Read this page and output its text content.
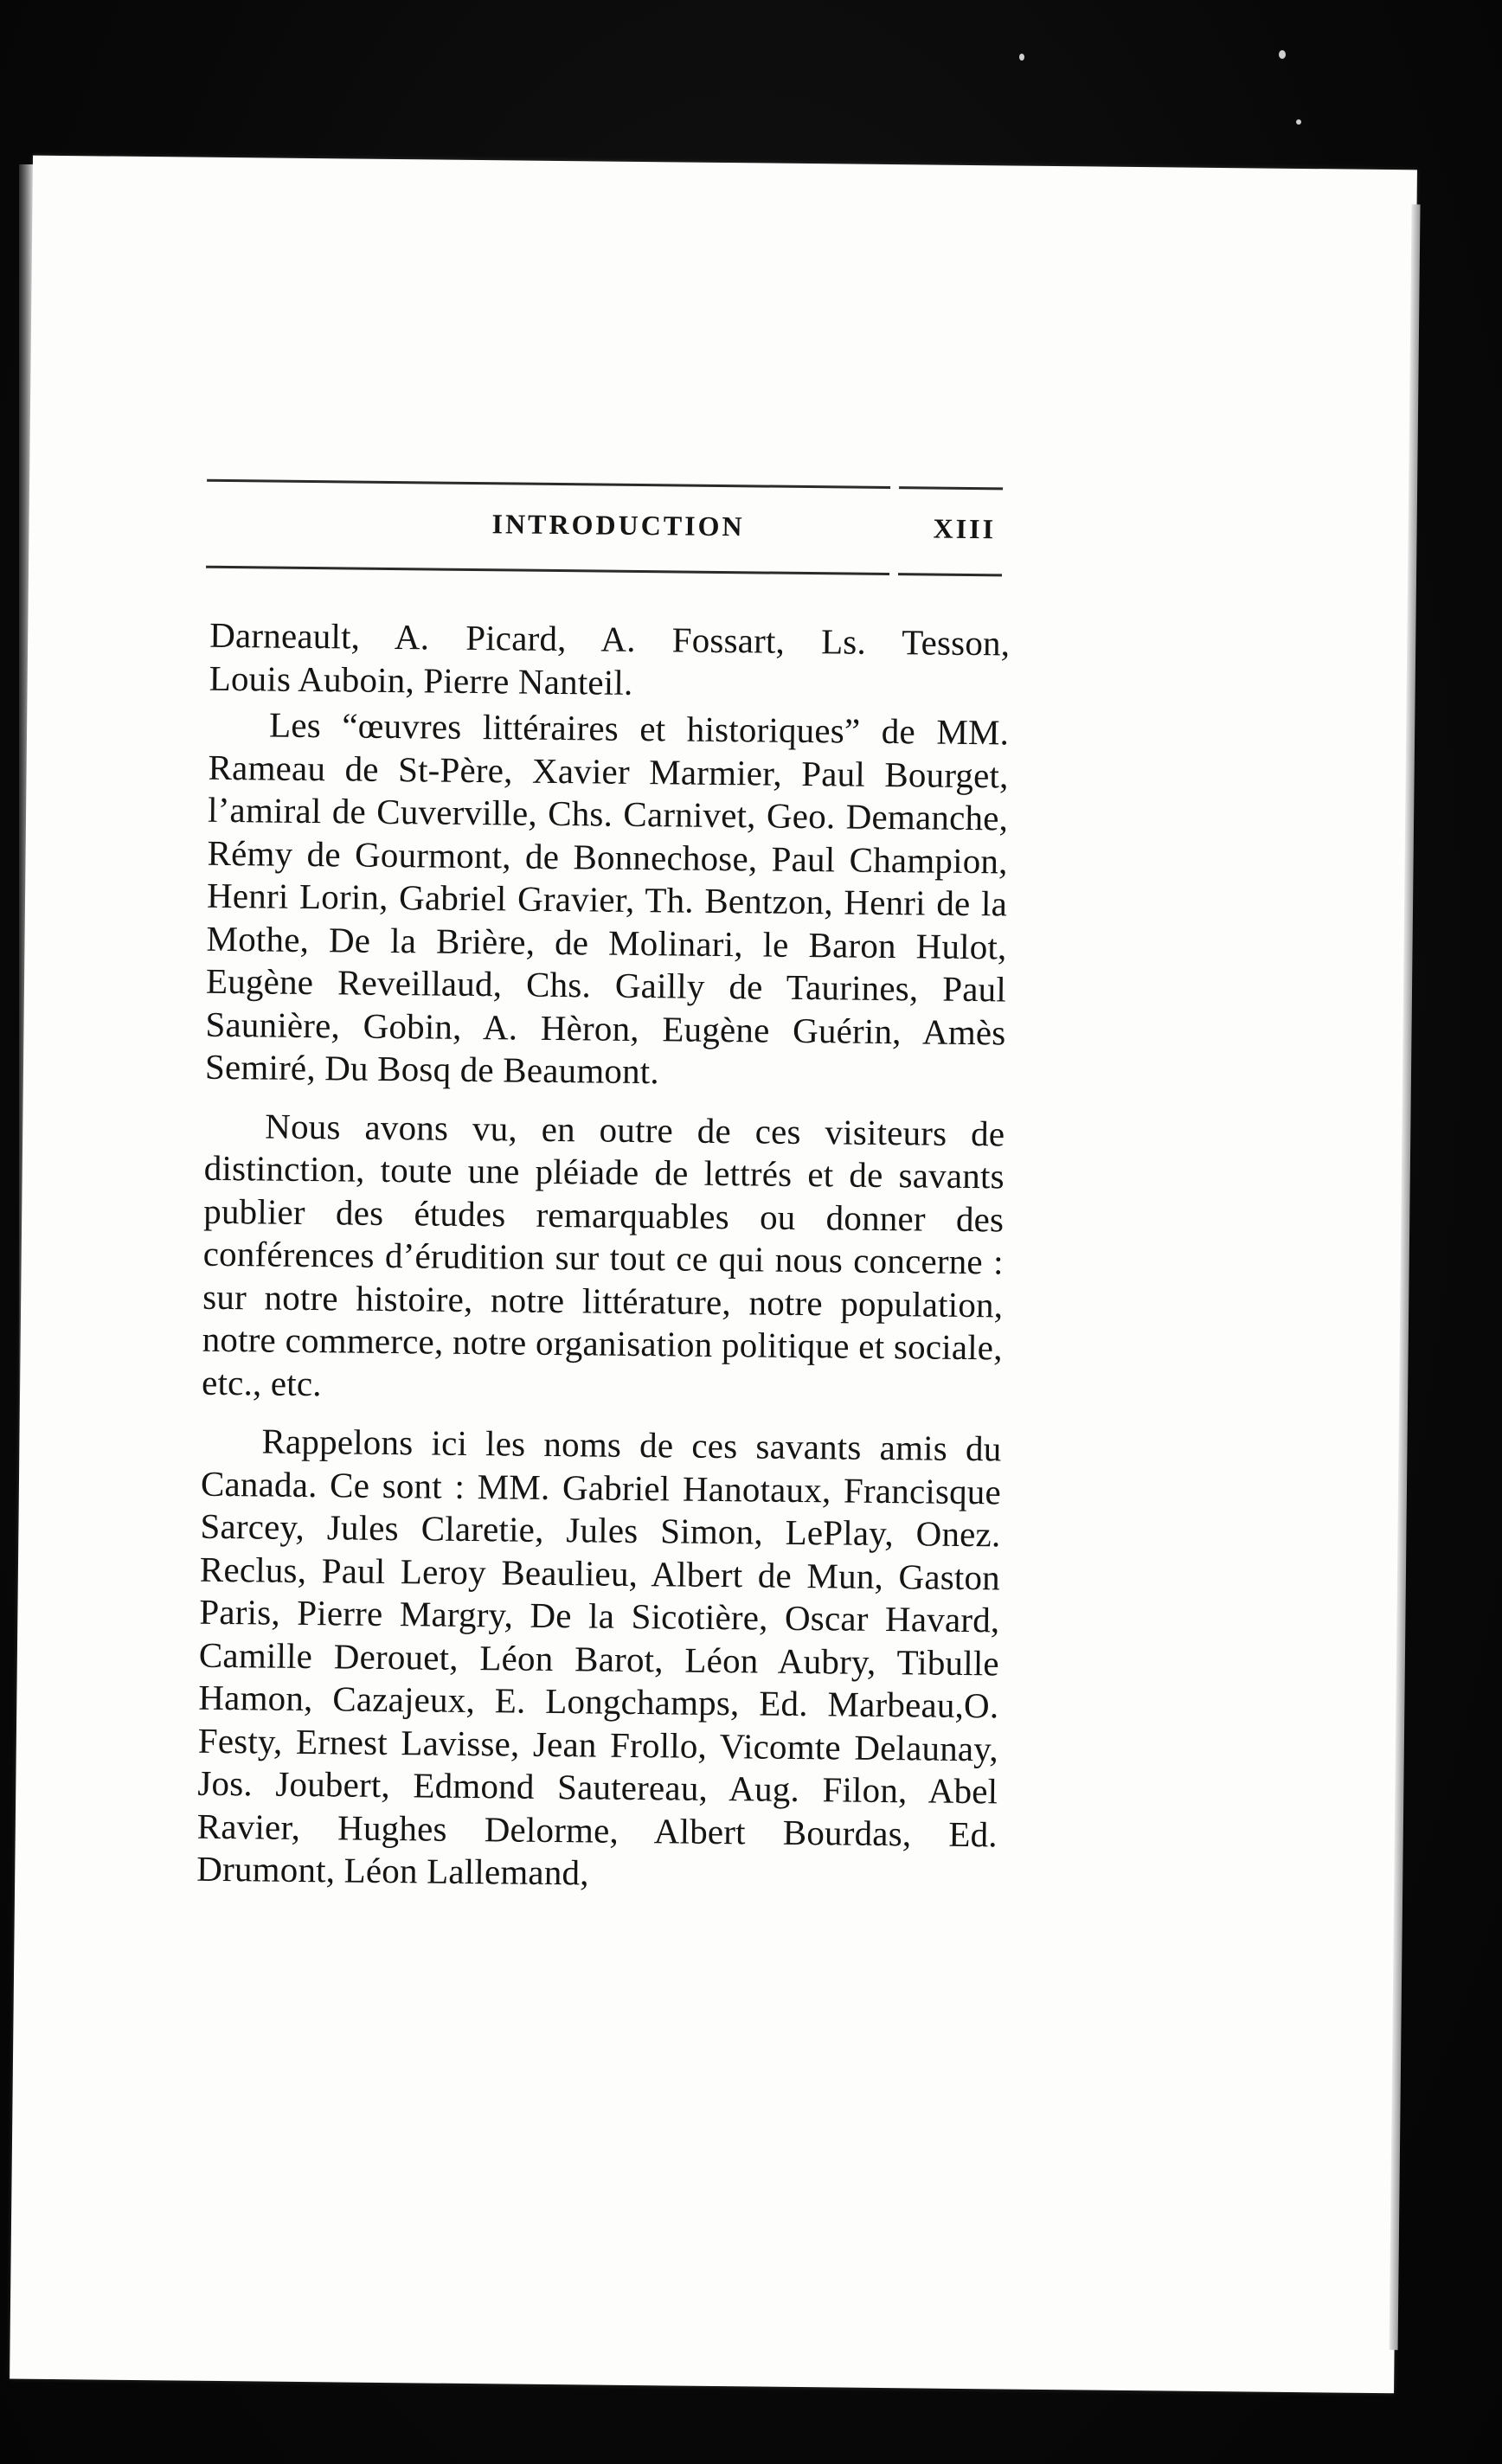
INTRODUCTION	XIII

Darneault, A. Picard, A. Fossart, Ls. Tesson,
Louis Auboin, Pierre Nanteil.

Les “œuvres littéraires et historiques” de MM. Rameau de St-Père, Xavier Marmier, Paul Bourget, l’amiral de Cuverville, Chs. Carnivet, Geo. Demanche, Rémy de Gourmont, de Bonnechose, Paul Champion, Henri Lorin, Gabriel Gravier, Th. Bentzon, Henri de la Mothe, De la Brière, de Molinari, le Baron Hulot, Eugène Reveillaud, Chs. Gailly de Taurines, Paul Saunière, Gobin, A. Hèron, Eugène Guérin, Amès Semiré, Du Bosq de Beaumont.

Nous avons vu, en outre de ces visiteurs de distinction, toute une pléiade de lettrés et de savants publier des études remarquables ou donner des conférences d’érudition sur tout ce qui nous concerne : sur notre histoire, notre littérature, notre population, notre commerce, notre organisation politique et sociale, etc., etc.

Rappelons ici les noms de ces savants amis du Canada. Ce sont : MM. Gabriel Hanotaux, Francisque Sarcey, Jules Claretie, Jules Simon, LePlay, Onez. Reclus, Paul Leroy Beaulieu, Albert de Mun, Gaston Paris, Pierre Margry, De la Sicotière, Oscar Havard, Camille Derouet, Léon Barot, Léon Aubry, Tibulle Hamon, Cazajeux, E. Longchamps, Ed. Marbeau,O. Festy, Ernest Lavisse, Jean Frollo, Vicomte Delaunay, Jos. Joubert, Edmond Sautereau, Aug. Filon, Abel Ravier, Hughes Delorme, Albert Bourdas, Ed. Drumont, Léon Lallemand,
